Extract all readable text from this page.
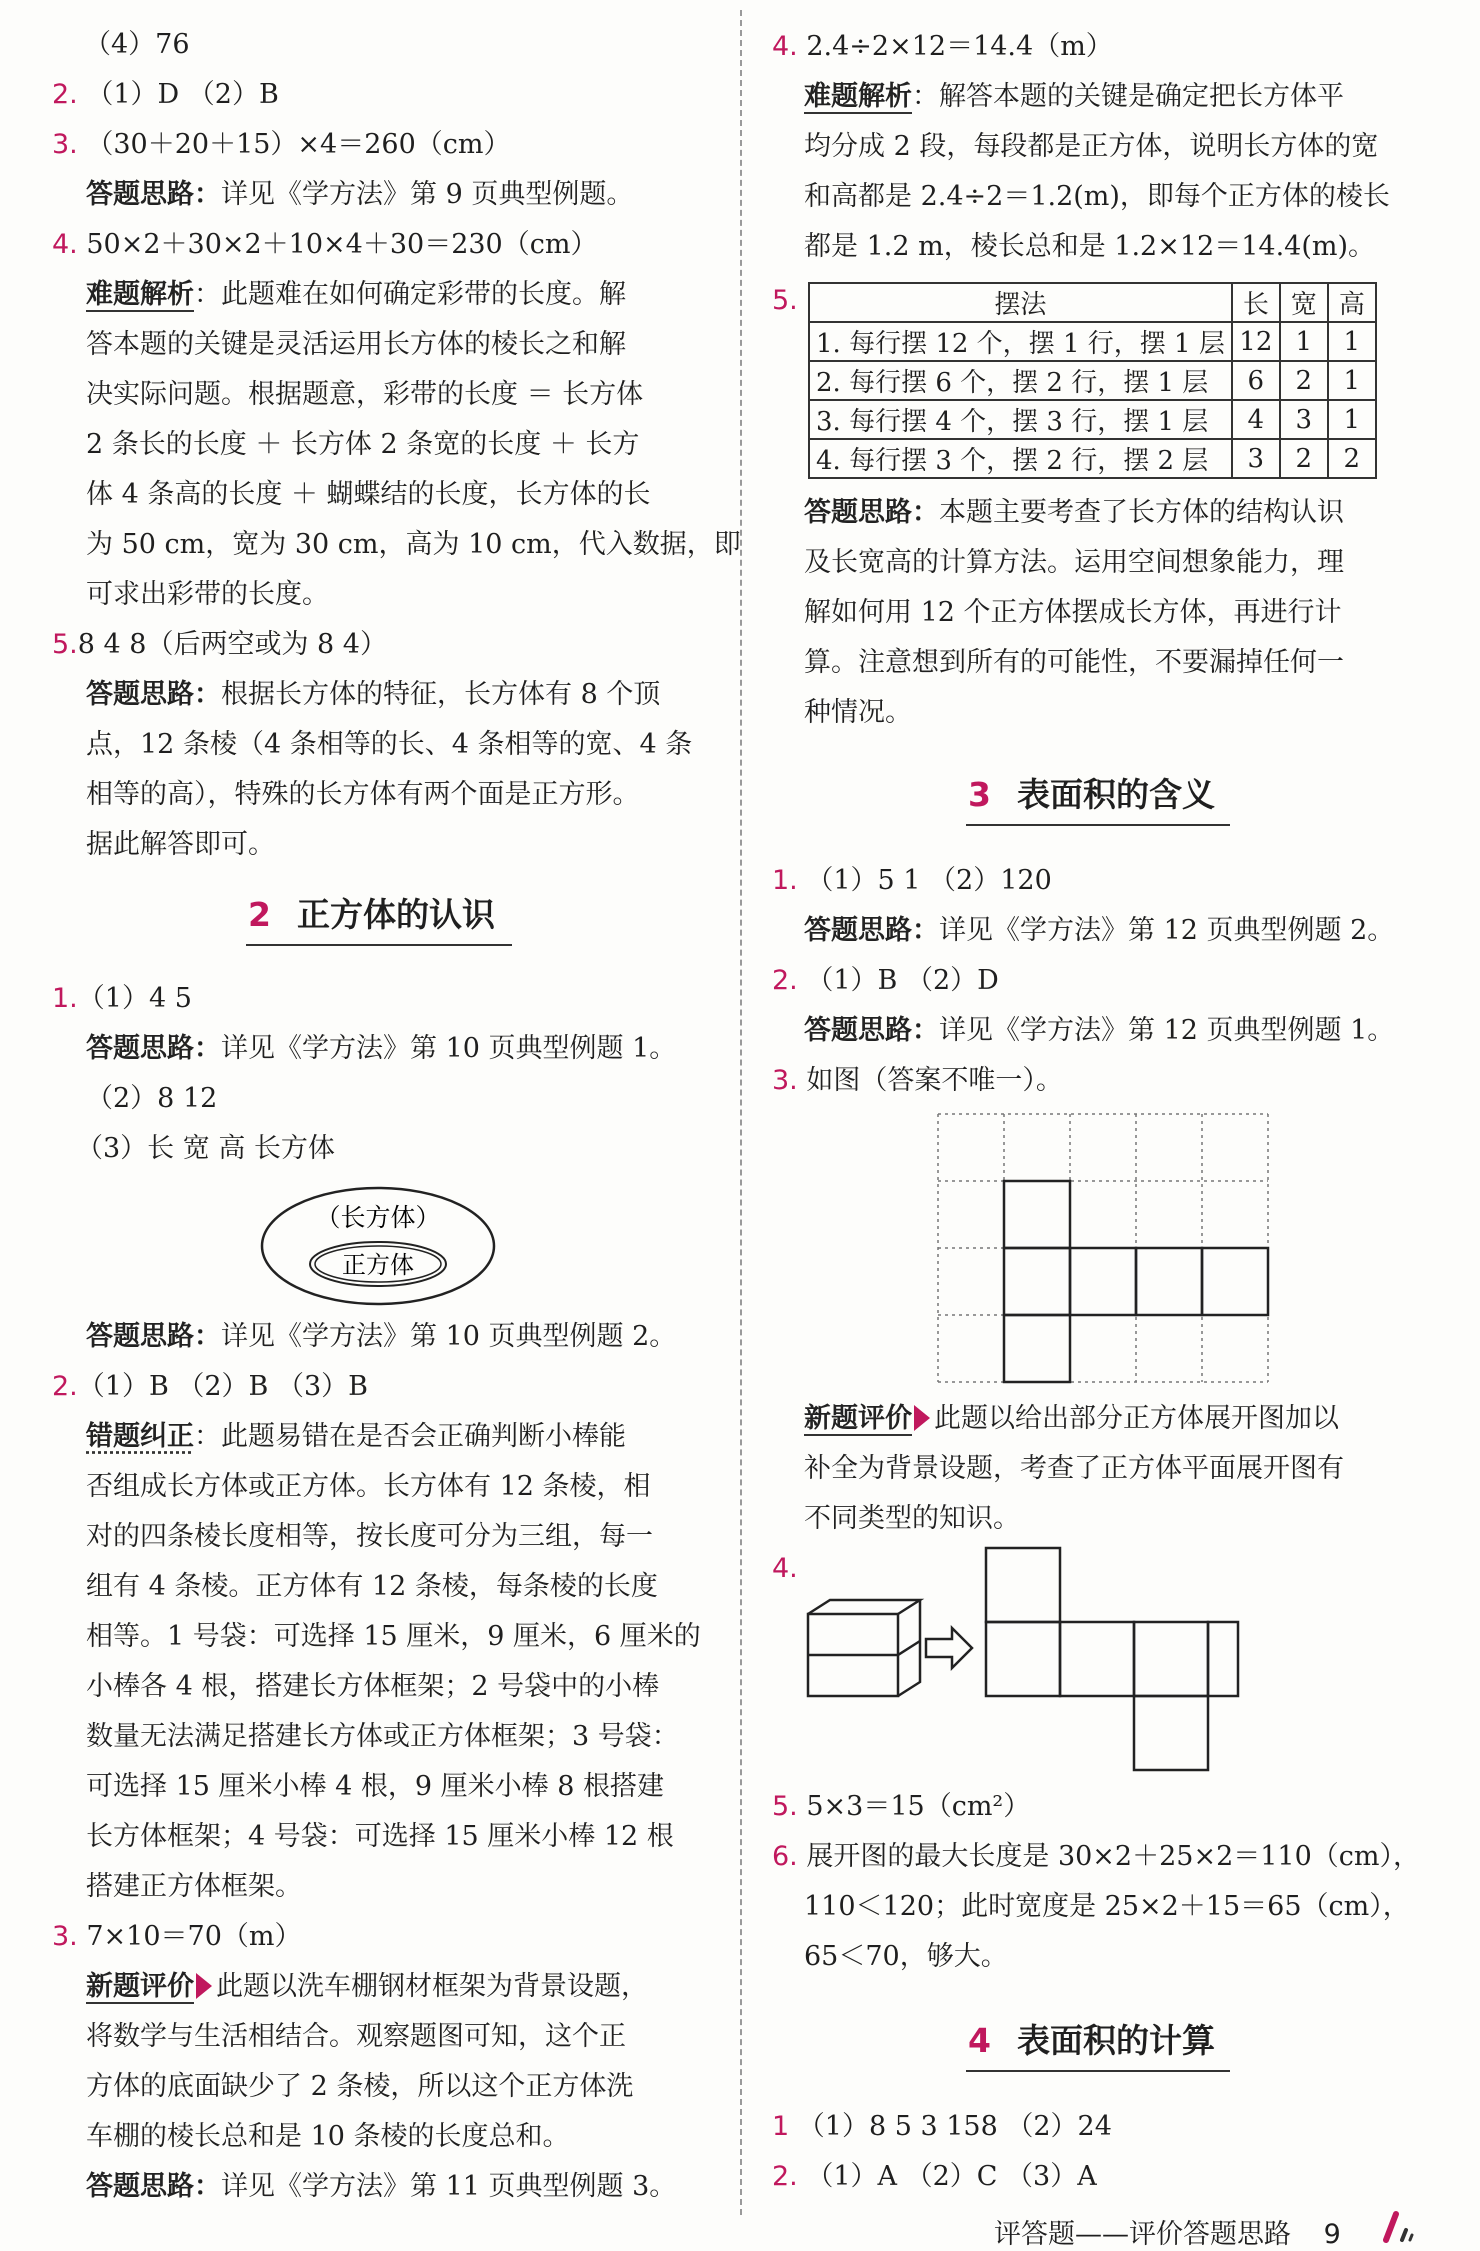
（4）76
2. （1）D （2）B
3. （30＋20＋15）×4＝260（cm）
答题思路：详见《学方法》第 9 页典型例题。
4. 50×2＋30×2＋10×4＋30＝230（cm）
难题解析：此题难在如何确定彩带的长度。解
答本题的关键是灵活运用长方体的棱长之和解
决实际问题。根据题意，彩带的长度 ＝ 长方体
2 条长的长度 ＋ 长方体 2 条宽的长度 ＋ 长方
体 4 条高的长度 ＋ 蝴蝶结的长度，长方体的长
为 50 cm，宽为 30 cm，高为 10 cm，代入数据，即
可求出彩带的长度。
5.8 4 8（后两空或为 8 4）
答题思路：根据长方体的特征，长方体有 8 个顶
点，12 条棱（4 条相等的长、4 条相等的宽、4 条
相等的高），特殊的长方体有两个面是正方形。
据此解答即可。
2 正方体的认识
1.（1）4 5
答题思路：详见《学方法》第 10 页典型例题 1。
（2）8 12
（3）长 宽 高 长方体
（长方体）
正方体
答题思路：详见《学方法》第 10 页典型例题 2。
2.（1）B （2）B （3）B
错题纠正：此题易错在是否会正确判断小棒能
否组成长方体或正方体。长方体有 12 条棱，相
对的四条棱长度相等，按长度可分为三组，每一
组有 4 条棱。正方体有 12 条棱，每条棱的长度
相等。1 号袋：可选择 15 厘米，9 厘米，6 厘米的
小棒各 4 根，搭建长方体框架；2 号袋中的小棒
数量无法满足搭建长方体或正方体框架；3 号袋：
可选择 15 厘米小棒 4 根，9 厘米小棒 8 根搭建
长方体框架；4 号袋：可选择 15 厘米小棒 12 根
搭建正方体框架。
3. 7×10＝70（m）
新题评价 此题以洗车棚钢材框架为背景设题，
将数学与生活相结合。观察题图可知，这个正
方体的底面缺少了 2 条棱，所以这个正方体洗
车棚的棱长总和是 10 条棱的长度总和。
答题思路：详见《学方法》第 11 页典型例题 3。
4. 2.4÷2×12＝14.4（m）
难题解析：解答本题的关键是确定把长方体平
均分成 2 段，每段都是正方体，说明长方体的宽
和高都是 2.4÷2＝1.2(m)，即每个正方体的棱长
都是 1.2 m，棱长总和是 1.2×12＝14.4(m)。
5.	摆法	长	宽	高
1. 每行摆 12 个，摆 1 行，摆 1 层	12	1	1
2. 每行摆 6 个，摆 2 行，摆 1 层	6	2	1
3. 每行摆 4 个，摆 3 行，摆 1 层	4	3	1
4. 每行摆 3 个，摆 2 行，摆 2 层	3	2	2
答题思路：本题主要考查了长方体的结构认识
及长宽高的计算方法。运用空间想象能力，理
解如何用 12 个正方体摆成长方体，再进行计
算。注意想到所有的可能性，不要漏掉任何一
种情况。
3 表面积的含义
1. （1）5 1 （2）120
答题思路：详见《学方法》第 12 页典型例题 2。
2. （1）B （2）D
答题思路：详见《学方法》第 12 页典型例题 1。
3. 如图（答案不唯一）。
新题评价 此题以给出部分正方体展开图加以
补全为背景设题，考查了正方体平面展开图有
不同类型的知识。
4.
5. 5×3＝15（cm²）
6. 展开图的最大长度是 30×2＋25×2＝110（cm），
110＜120；此时宽度是 25×2＋15＝65（cm），
65＜70，够大。
4 表面积的计算
1 （1）8 5 3 158 （2）24
2. （1）A （2）C （3）A
评答题——评价答题思路 9
